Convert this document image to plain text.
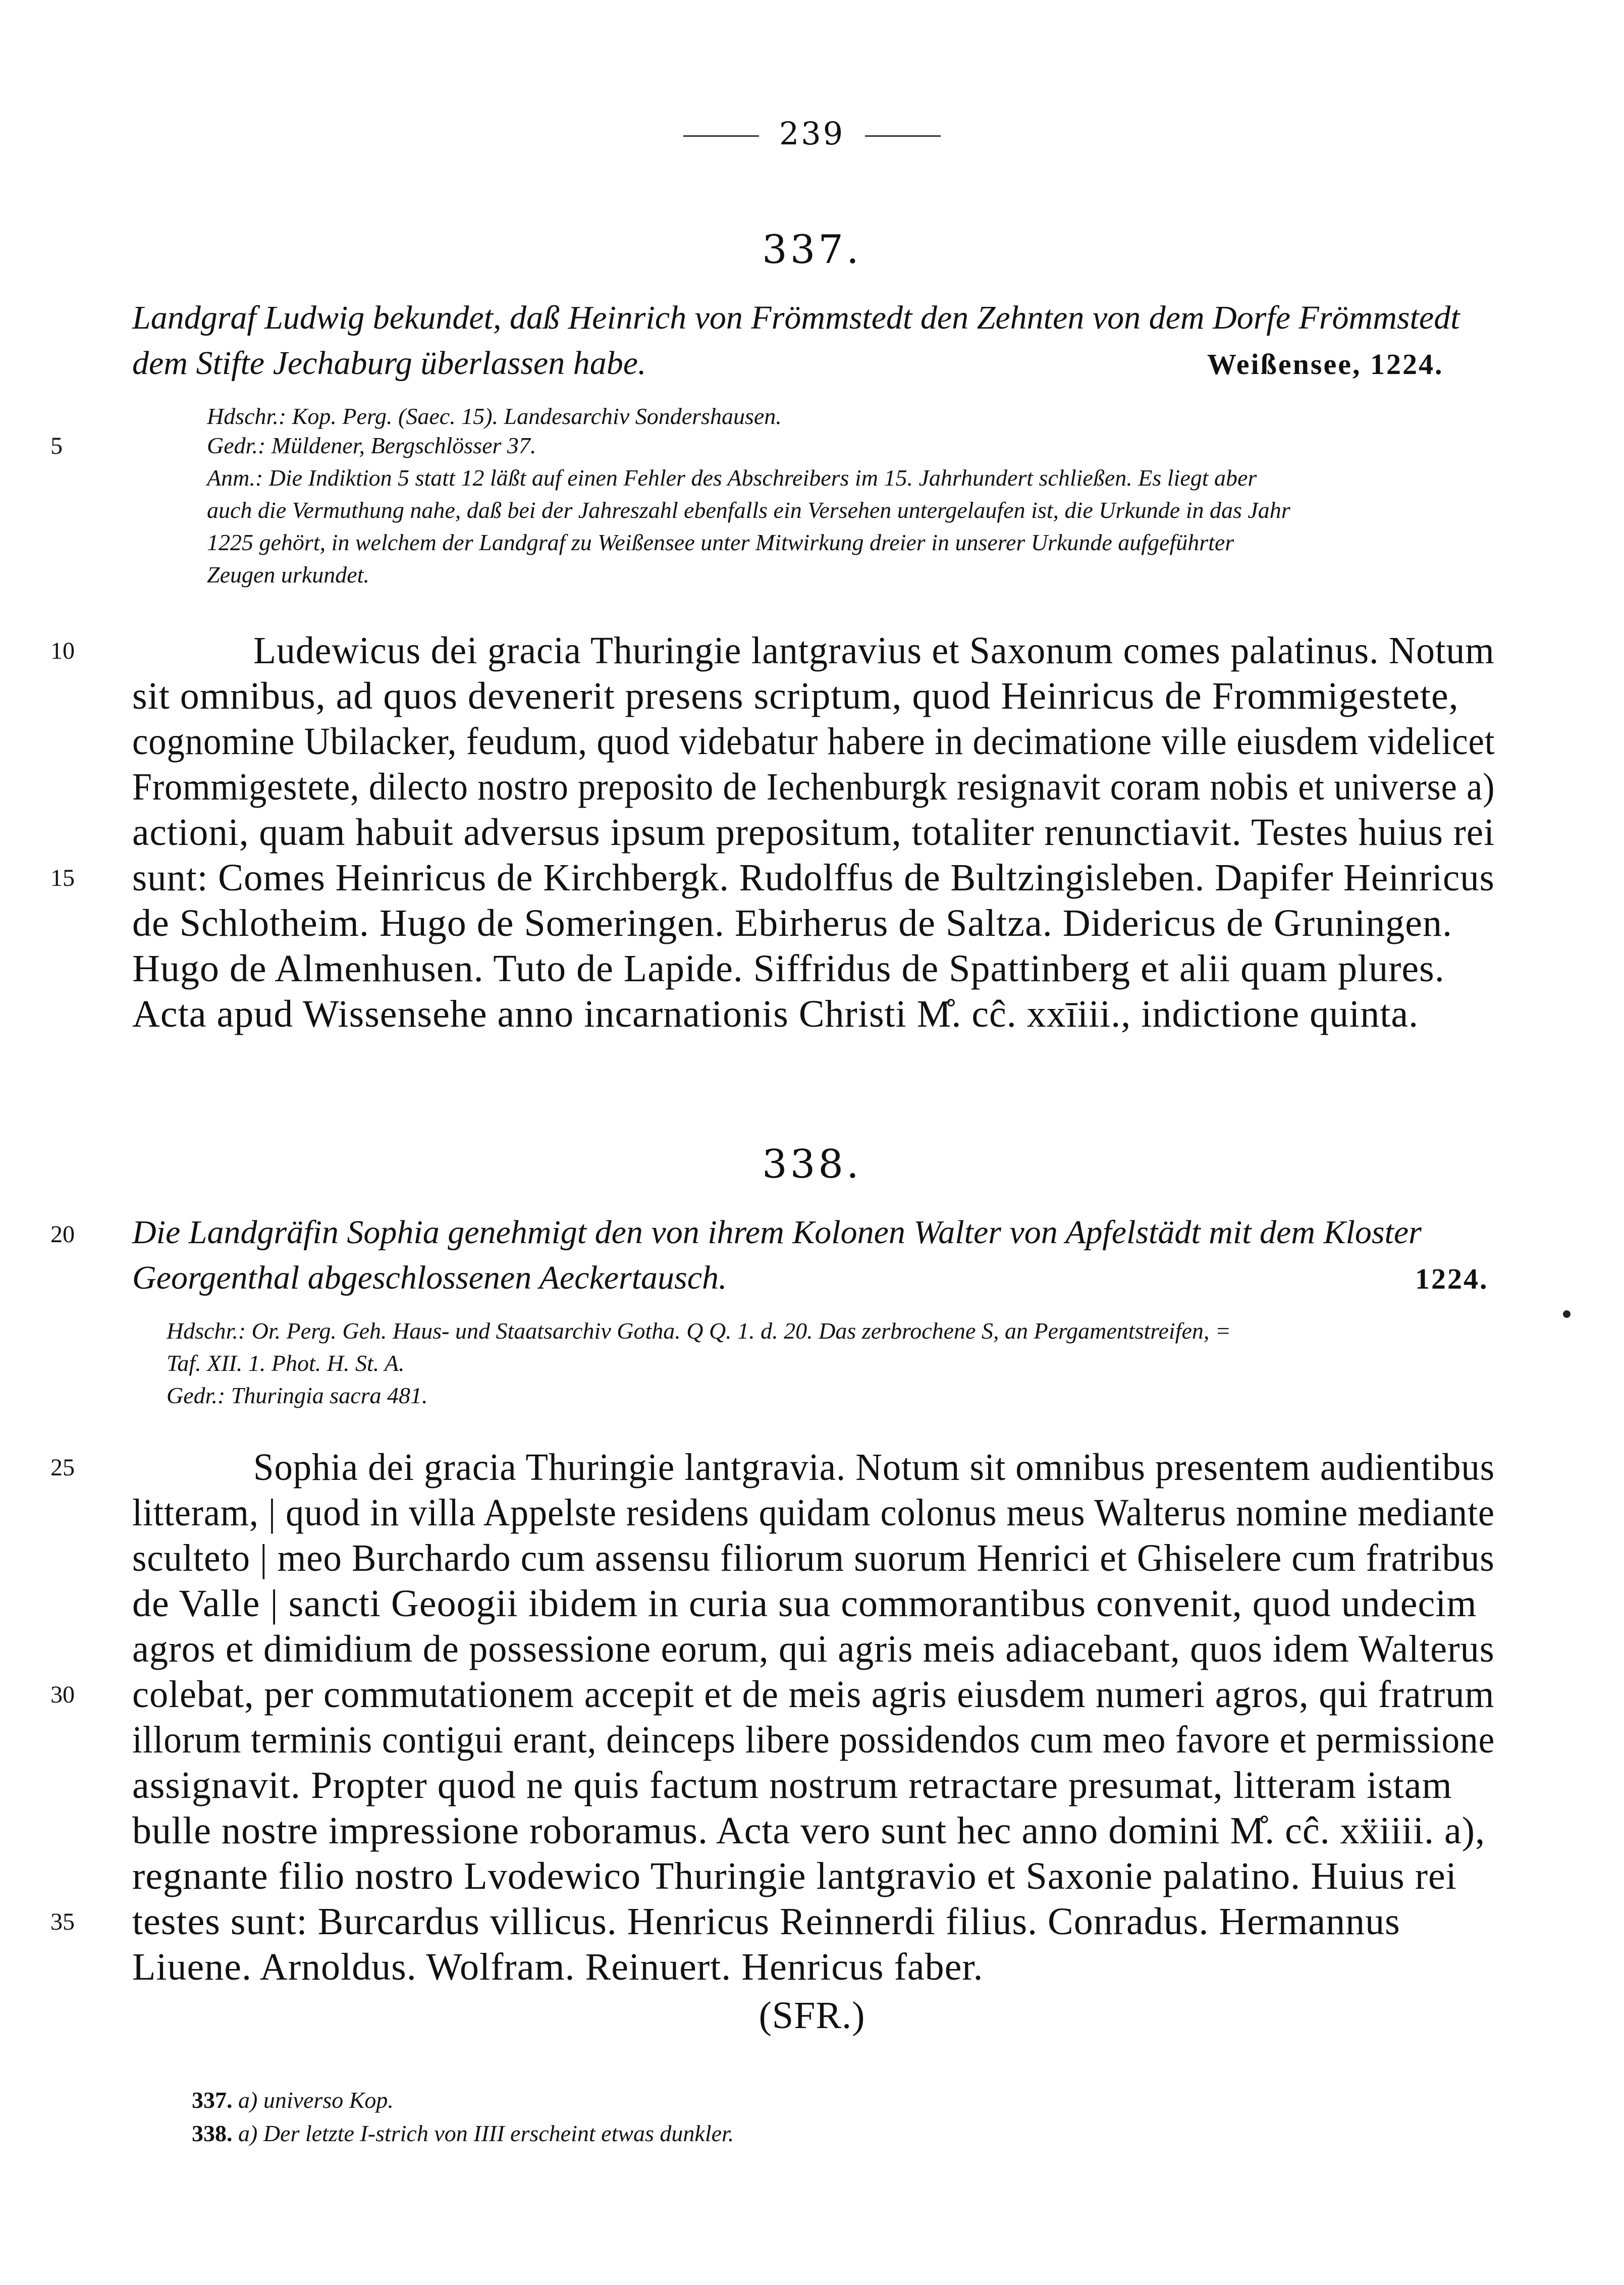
239
337.
Landgraf Ludwig bekundet, daß Heinrich von Frömmstedt den Zehnten von dem Dorfe Frömmstedt
dem Stifte Jechaburg überlassen habe.	Weißensee, 1224.
Hdschr.: Kop. Perg. (Saec. 15). Landesarchiv Sondershausen.
5	Gedr.: Müldener, Bergschlösser 37.
Anm.: Die Indiktion 5 statt 12 läßt auf einen Fehler des Abschreibers im 15. Jahrhundert schließen. Es liegt aber
auch die Vermuthung nahe, daß bei der Jahreszahl ebenfalls ein Versehen untergelaufen ist, die Urkunde in das Jahr
1225 gehört, in welchem der Landgraf zu Weißensee unter Mitwirkung dreier in unserer Urkunde aufgeführter
Zeugen urkundet.
10	Ludewicus dei gracia Thuringie lantgravius et Saxonum comes palatinus. Notum
sit omnibus, ad quos devenerit presens scriptum, quod Heinricus de Frommigestete,
cognomine Ubilacker, feudum, quod videbatur habere in decimatione ville eiusdem videlicet
Frommigestete, dilecto nostro preposito de Iechenburgk resignavit coram nobis et universe a)
actioni, quam habuit adversus ipsum prepositum, totaliter renunctiavit. Testes huius rei
15 sunt: Comes Heinricus de Kirchbergk. Rudolffus de Bultzingisleben. Dapifer Heinricus
de Schlotheim. Hugo de Someringen. Ebirherus de Saltza. Didericus de Gruningen.
Hugo de Almenhusen. Tuto de Lapide. Siffridus de Spattinberg et alii quam plures.
Acta apud Wissensehe anno incarnationis Christi M̊. cĉ. xxīiii., indictione quinta.
338.
20 Die Landgräfin Sophia genehmigt den von ihrem Kolonen Walter von Apfelstädt mit dem Kloster
Georgenthal abgeschlossenen Aeckertausch.	1224.
Hdschr.: Or. Perg. Geh. Haus- und Staatsarchiv Gotha. Q Q. 1. d. 20. Das zerbrochene S, an Pergamentstreifen, =
Taf. XII. 1. Phot. H. St. A.
Gedr.: Thuringia sacra 481.
25	Sophia dei gracia Thuringie lantgravia. Notum sit omnibus presentem audientibus
litteram, | quod in villa Appelste residens quidam colonus meus Walterus nomine mediante
sculteto | meo Burchardo cum assensu filiorum suorum Henrici et Ghiselere cum fratribus
de Valle | sancti Geoogii ibidem in curia sua commorantibus convenit, quod undecim
agros et dimidium de possessione eorum, qui agris meis adiacebant, quos idem Walterus
30 colebat, per commutationem accepit et de meis agris eiusdem numeri agros, qui fratrum
illorum terminis contigui erant, deinceps libere possidendos cum meo favore et permissione
assignavit. Propter quod ne quis factum nostrum retractare presumat, litteram istam
bulle nostre impressione roboramus. Acta vero sunt hec anno domini M̊. cĉ. xẍiiii. a),
regnante filio nostro Lvodewico Thuringie lantgravio et Saxonie palatino. Huius rei
35 testes sunt: Burcardus villicus. Henricus Reinnerdi filius. Conradus. Hermannus
Liuene. Arnoldus. Wolfram. Reinuert. Henricus faber.
(SFR.)
337. a) universo Kop.
338. a) Der letzte I-strich von IIII erscheint etwas dunkler.
